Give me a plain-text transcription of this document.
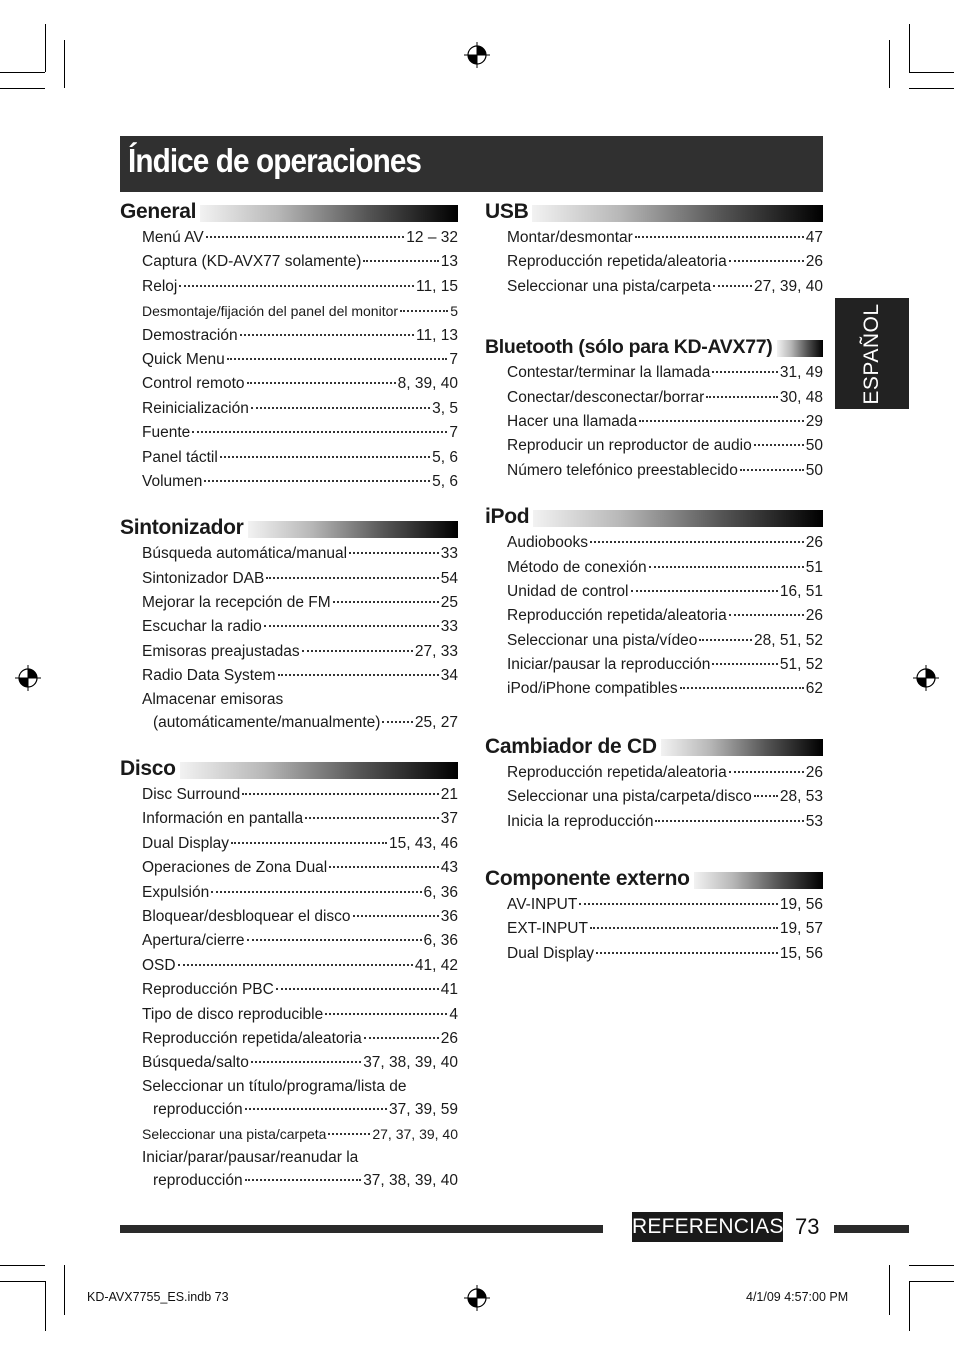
Índice de operaciones
ESPAÑOL
General
Menú AV	12 – 32
Captura (KD-AVX77 solamente)	13
Reloj	11, 15
Desmontaje/fijación del panel del monitor	5
Demostración	11, 13
Quick Menu	7
Control remoto	8, 39, 40
Reinicialización	3, 5
Fuente	7
Panel táctil	5, 6
Volumen	5, 6
Sintonizador
Búsqueda automática/manual	33
Sintonizador DAB	54
Mejorar la recepción de FM	25
Escuchar la radio	33
Emisoras preajustadas	27, 33
Radio Data System	34
Almacenar emisoras
(automáticamente/manualmente) 25, 27
Disco
Disc Surround	21
Información en pantalla	37
Dual Display	15, 43, 46
Operaciones de Zona Dual	43
Expulsión	6, 36
Bloquear/desbloquear el disco	36
Apertura/cierre	6, 36
OSD	41, 42
Reproducción PBC	41
Tipo de disco reproducible	4
Reproducción repetida/aleatoria	26
Búsqueda/salto	37, 38, 39, 40
Seleccionar un título/programa/lista de
reproducción	37, 39, 59
Seleccionar una pista/carpeta	27, 37, 39, 40
Iniciar/parar/pausar/reanudar la
reproducción	37, 38, 39, 40
USB
Montar/desmontar	47
Reproducción repetida/aleatoria	26
Seleccionar una pista/carpeta	27, 39, 40
Bluetooth (sólo para KD-AVX77)
Contestar/terminar la llamada	31, 49
Conectar/desconectar/borrar	30, 48
Hacer una llamada	29
Reproducir un reproductor de audio	50
Número telefónico preestablecido	50
iPod
Audiobooks	26
Método de conexión	51
Unidad de control	16, 51
Reproducción repetida/aleatoria	26
Seleccionar una pista/vídeo	28, 51, 52
Iniciar/pausar la reproducción	51, 52
iPod/iPhone compatibles	62
Cambiador de CD
Reproducción repetida/aleatoria	26
Seleccionar una pista/carpeta/disco 28, 53
Inicia la reproducción	53
Componente externo
AV-INPUT	19, 56
EXT-INPUT	19, 57
Dual Display	15, 56
REFERENCIAS 73
KD-AVX7755_ES.indb 73	4/1/09 4:57:00 PM
